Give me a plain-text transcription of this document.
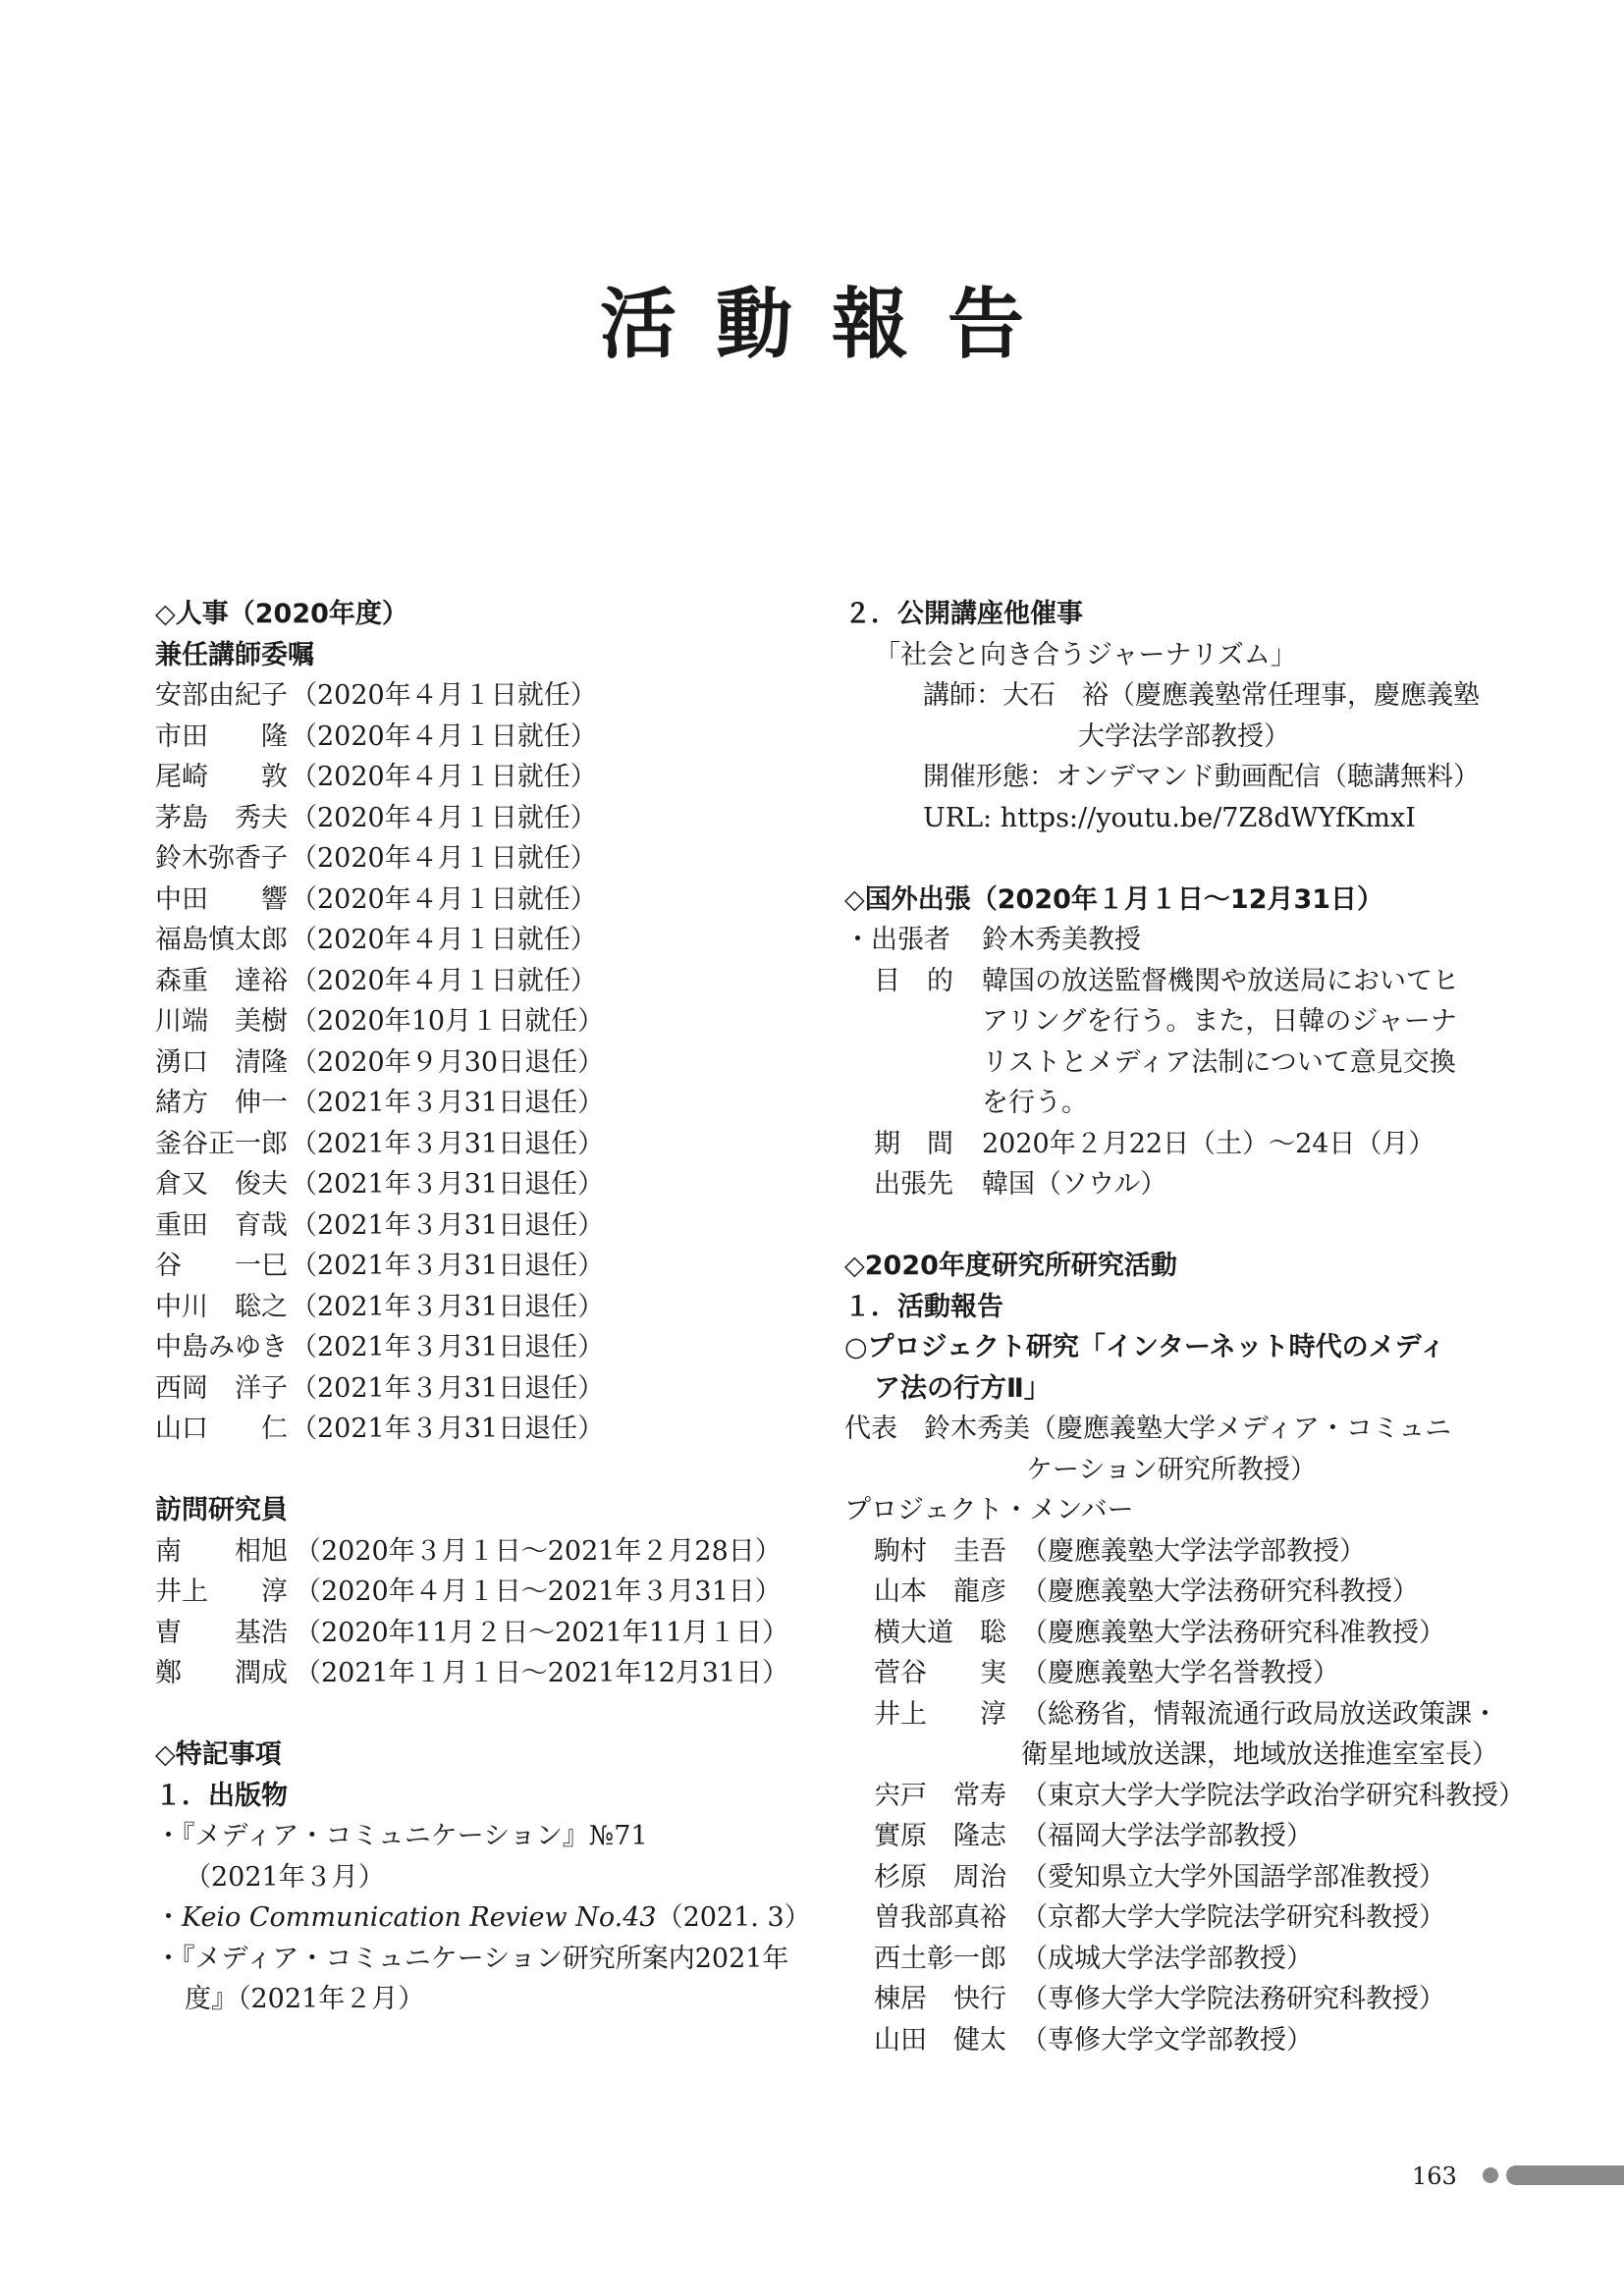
活動報告
◇人事（2020年度）
兼任講師委嘱
安部由紀子 （2020年４月１日就任）
市田　　隆 （2020年４月１日就任）
尾崎　　敦 （2020年４月１日就任）
茅島　秀夫 （2020年４月１日就任）
鈴木弥香子 （2020年４月１日就任）
中田　　響 （2020年４月１日就任）
福島慎太郎 （2020年４月１日就任）
森重　達裕 （2020年４月１日就任）
川端　美樹 （2020年10月１日就任）
湧口　清隆 （2020年９月30日退任）
緒方　伸一 （2021年３月31日退任）
釜谷正一郎 （2021年３月31日退任）
倉又　俊夫 （2021年３月31日退任）
重田　育哉 （2021年３月31日退任）
谷　　一巳 （2021年３月31日退任）
中川　聡之 （2021年３月31日退任）
中島みゆき （2021年３月31日退任）
西岡　洋子 （2021年３月31日退任）
山口　　仁 （2021年３月31日退任）
訪問研究員
南　　相旭 （2020年３月１日～2021年２月28日）
井上　　淳 （2020年４月１日～2021年３月31日）
曺　　基浩 （2020年11月２日～2021年11月１日）
鄭　　潤成 （2021年１月１日～2021年12月31日）
◇特記事項
１．出版物
・『メディア・コミュニケーション』№71
（2021年３月）
・Keio Communication Review No.43（2021. 3）
・『メディア・コミュニケーション研究所案内2021年
度』（2021年２月）
２．公開講座他催事
「社会と向き合うジャーナリズム」
講師：大石　裕（慶應義塾常任理事，慶應義塾
大学法学部教授）
開催形態：オンデマンド動画配信（聴講無料）
URL: https://youtu.be/7Z8dWYfKmxI
◇国外出張（2020年１月１日～12月31日）
・出張者 鈴木秀美教授
目　的 韓国の放送監督機関や放送局においてヒ
アリングを行う。また，日韓のジャーナ
リストとメディア法制について意見交換
を行う。
期　間 2020年２月22日（土）～24日（月）
出張先 韓国（ソウル）
◇2020年度研究所研究活動
１．活動報告
○プロジェクト研究「インターネット時代のメディ
ア法の行方Ⅱ」
代表　鈴木秀美（慶應義塾大学メディア・コミュニ
ケーション研究所教授）
プロジェクト・メンバー
駒村　圭吾 （慶應義塾大学法学部教授）
山本　龍彦 （慶應義塾大学法務研究科教授）
横大道　聡 （慶應義塾大学法務研究科准教授）
菅谷　　実 （慶應義塾大学名誉教授）
井上　　淳 （総務省，情報流通行政局放送政策課・
衛星地域放送課，地域放送推進室室長）
宍戸　常寿 （東京大学大学院法学政治学研究科教授）
實原　隆志 （福岡大学法学部教授）
杉原　周治 （愛知県立大学外国語学部准教授）
曽我部真裕 （京都大学大学院法学研究科教授）
西土彰一郎 （成城大学法学部教授）
棟居　快行 （専修大学大学院法務研究科教授）
山田　健太 （専修大学文学部教授）
163
